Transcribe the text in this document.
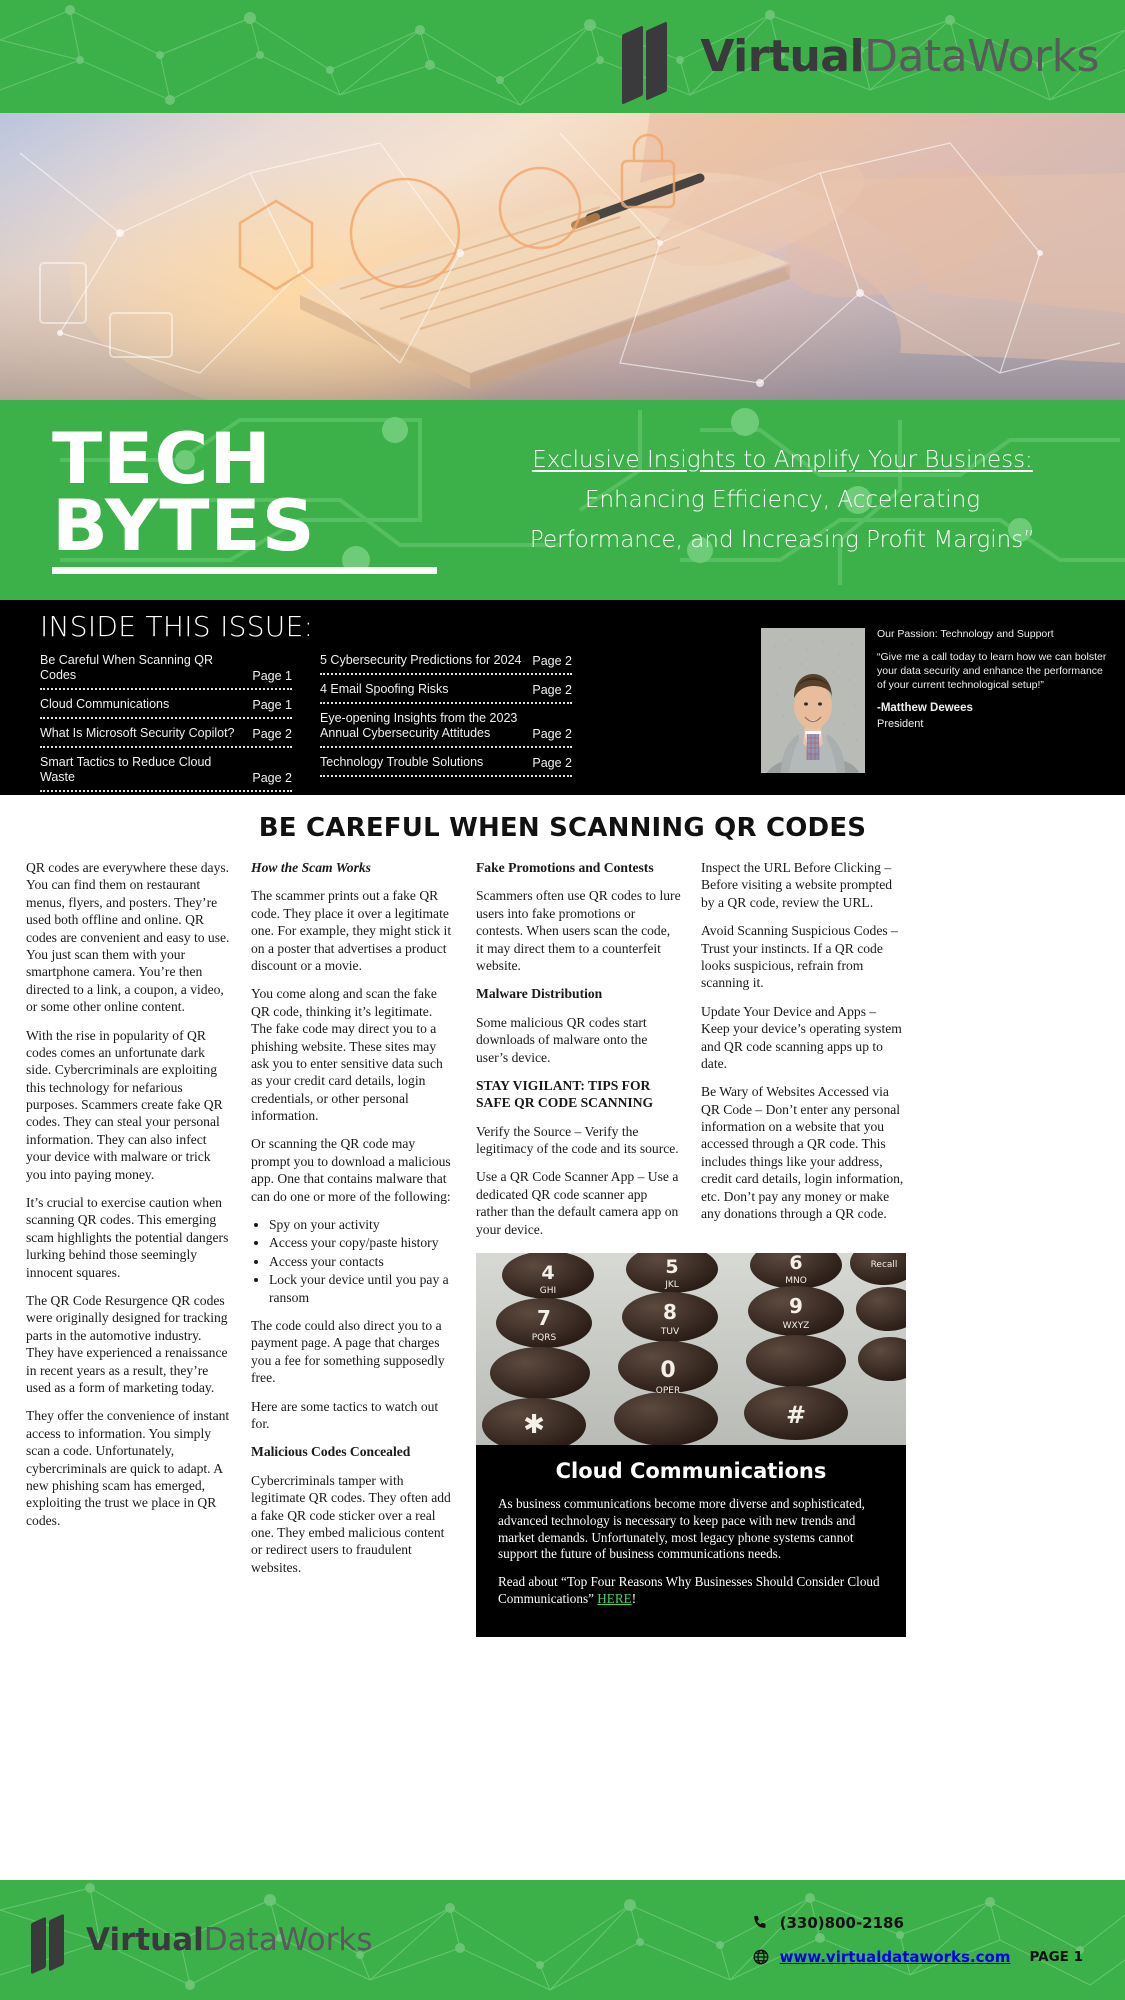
VirtualDataWorks
TECH BYTES
Exclusive Insights to Amplify Your Business:
Enhancing Efficiency, Accelerating
Performance, and Increasing Profit Margins”
INSIDE THIS ISSUE:
Be Careful When Scanning QR Codes	Page 1
Cloud Communications	Page 1
What Is Microsoft Security Copilot? Page 2
Smart Tactics to Reduce Cloud Waste	Page 2
5 Cybersecurity Predictions for 2024 Page 2
4 Email Spoofing Risks	Page 2
Eye-opening Insights from the 2023 Annual Cybersecurity Attitudes	Page 2
Technology Trouble Solutions	Page 2

Our Passion: Technology and Support

“Give me a call today to learn how we can bolster your data security and enhance the performance of your current technological setup!”

-Matthew Dewees
President
BE CAREFUL WHEN SCANNING QR CODES

QR codes are everywhere these days. You can find them on restaurant menus, flyers, and posters. They’re used both offline and online. QR codes are convenient and easy to use. You just scan them with your smartphone camera. You’re then directed to a link, a coupon, a video, or some other online content.

With the rise in popularity of QR codes comes an unfortunate dark side. Cybercriminals are exploiting this technology for nefarious purposes. Scammers create fake QR codes. They can steal your personal information. They can also infect your device with malware or trick you into paying money.

It’s crucial to exercise caution when scanning QR codes. This emerging scam highlights the potential dangers lurking behind those seemingly innocent squares.

The QR Code Resurgence QR codes were originally designed for tracking parts in the automotive industry. They have experienced a renaissance in recent years as a result, they’re used as a form of marketing today.

They offer the convenience of instant access to information. You simply scan a code. Unfortunately, cybercriminals are quick to adapt. A new phishing scam has emerged, exploiting the trust we place in QR codes.

How the Scam Works

The scammer prints out a fake QR code. They place it over a legitimate one. For example, they might stick it on a poster that advertises a product discount or a movie.

You come along and scan the fake QR code, thinking it’s legitimate. The fake code may direct you to a phishing website. These sites may ask you to enter sensitive data such as your credit card details, login credentials, or other personal information.

Or scanning the QR code may prompt you to download a malicious app. One that contains malware that can do one or more of the following:

• Spy on your activity
• Access your copy/paste history
• Access your contacts
• Lock your device until you pay a ransom

The code could also direct you to a payment page. A page that charges you a fee for something supposedly free.

Here are some tactics to watch out for.

Malicious Codes Concealed

Cybercriminals tamper with legitimate QR codes. They often add a fake QR code sticker over a real one. They embed malicious content or redirect users to fraudulent websites.

Fake Promotions and Contests

Scammers often use QR codes to lure users into fake promotions or contests. When users scan the code, it may direct them to a counterfeit website.

Malware Distribution

Some malicious QR codes start downloads of malware onto the user’s device.

STAY VIGILANT: TIPS FOR SAFE QR CODE SCANNING

Verify the Source – Verify the legitimacy of the code and its source.

Use a QR Code Scanner App – Use a dedicated QR code scanner app rather than the default camera app on your device.

Inspect the URL Before Clicking – Before visiting a website prompted by a QR code, review the URL.

Avoid Scanning Suspicious Codes – Trust your instincts. If a QR code looks suspicious, refrain from scanning it.

Update Your Device and Apps – Keep your device’s operating system and QR code scanning apps up to date.

Be Wary of Websites Accessed via QR Code – Don’t enter any personal information on a website that you accessed through a QR code. This includes things like your address, credit card details, login information, etc. Don’t pay any money or make any donations through a QR code.

4
GHI
5
JKL
6
MNO
Recall
7
PQRS
8
TUV
9
WXYZ
0
OPER
✱	#
Cloud Communications

As business communications become more diverse and sophisticated, advanced technology is necessary to keep pace with new trends and market demands. Unfortunately, most legacy phone systems cannot support the future of business communications needs.

Read about “Top Four Reasons Why Businesses Should Consider Cloud Communications” HERE!

VirtualDataWorks	(330)800-2186
www.virtualdataworks.com PAGE 1
